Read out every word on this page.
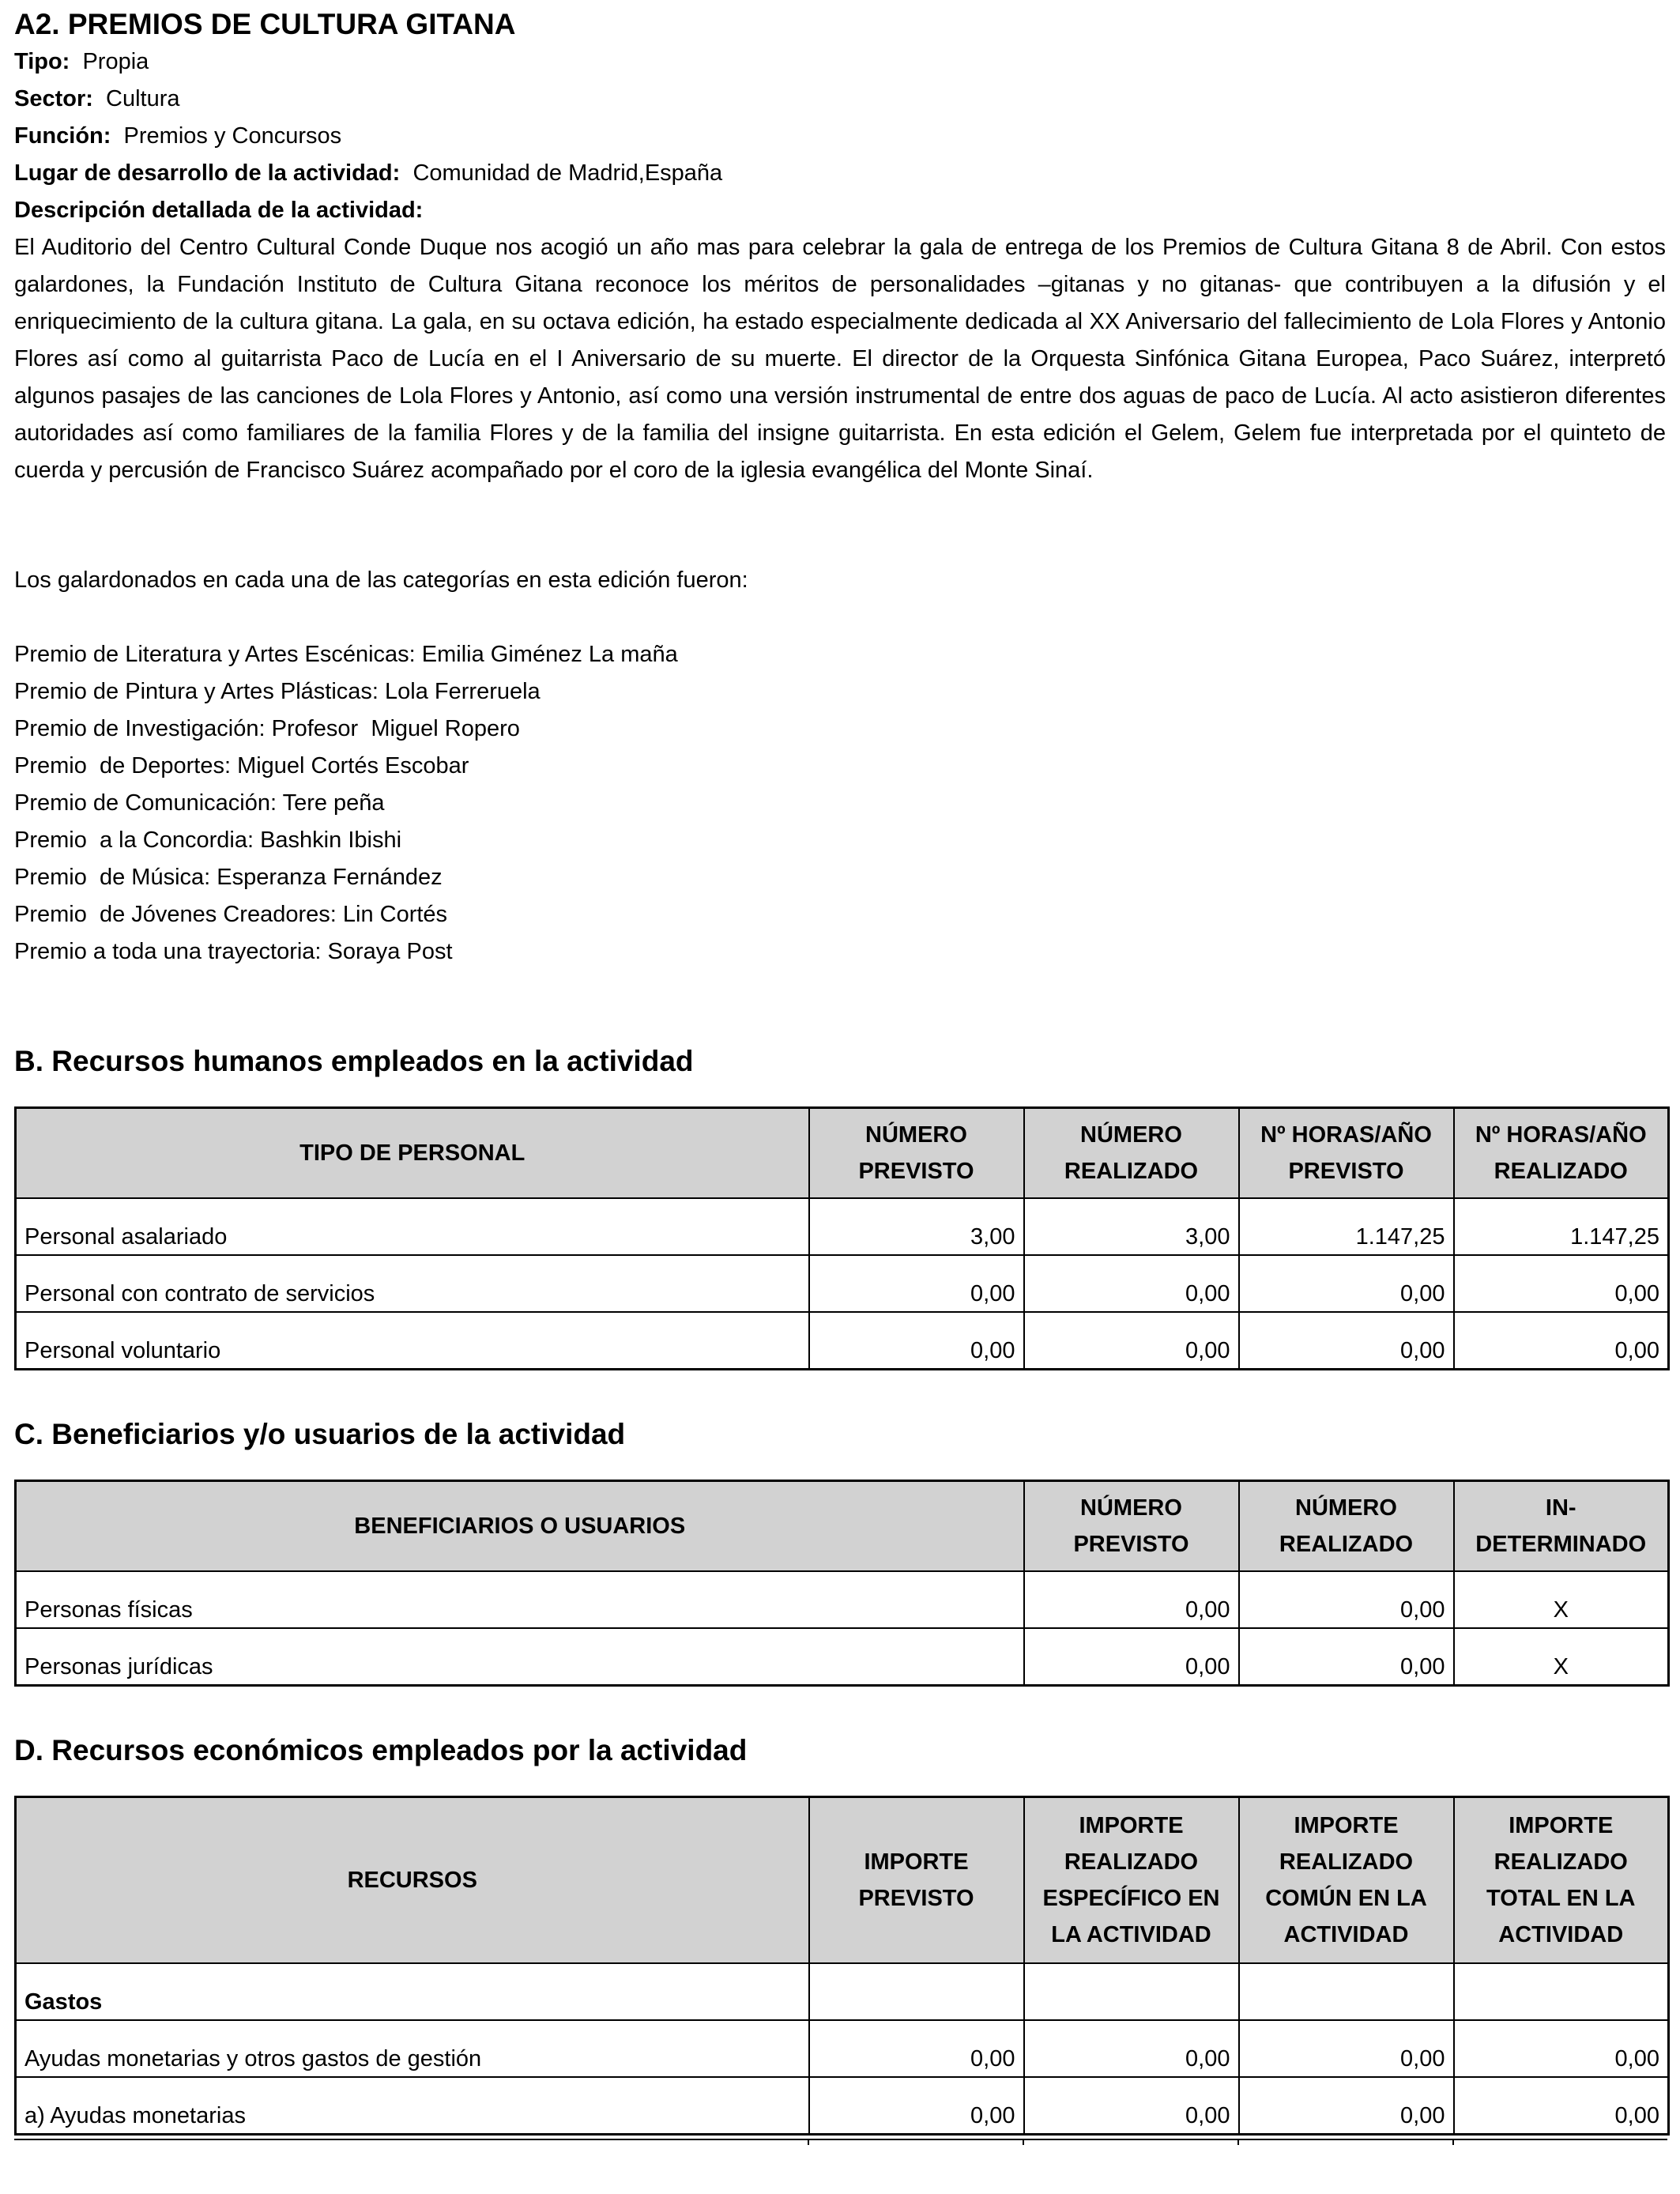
A2. PREMIOS DE CULTURA GITANA
Tipo: Propia
Sector: Cultura
Función: Premios y Concursos
Lugar de desarrollo de la actividad: Comunidad de Madrid,España
Descripción detallada de la actividad:

El Auditorio del Centro Cultural Conde Duque nos acogió un año mas para celebrar la gala de entrega de los Premios de Cultura Gitana 8 de Abril. Con estos galardones, la Fundación Instituto de Cultura Gitana reconoce los méritos de personalidades –gitanas y no gitanas- que contribuyen a la difusión y el enriquecimiento de la cultura gitana. La gala, en su octava edición, ha estado especialmente dedicada al XX Aniversario del fallecimiento de Lola Flores y Antonio Flores así como al guitarrista Paco de Lucía en el I Aniversario de su muerte. El director de la Orquesta Sinfónica Gitana Europea, Paco Suárez, interpretó algunos pasajes de las canciones de Lola Flores y Antonio, así como una versión instrumental de entre dos aguas de paco de Lucía. Al acto asistieron diferentes autoridades así como familiares de la familia Flores y de la familia del insigne guitarrista. En esta edición el Gelem, Gelem fue interpretada por el quinteto de cuerda y percusión de Francisco Suárez acompañado por el coro de la iglesia evangélica del Monte Sinaí.

Los galardonados en cada una de las categorías en esta edición fueron:
Premio de Literatura y Artes Escénicas: Emilia Giménez La maña
Premio de Pintura y Artes Plásticas: Lola Ferreruela
Premio de Investigación: Profesor  Miguel Ropero
Premio  de Deportes: Miguel Cortés Escobar
Premio de Comunicación: Tere peña
Premio  a la Concordia: Bashkin Ibishi
Premio  de Música: Esperanza Fernández
Premio  de Jóvenes Creadores: Lin Cortés
Premio a toda una trayectoria: Soraya Post
B. Recursos humanos empleados en la actividad
TIPO DE PERSONAL	NÚMERO PREVISTO	NÚMERO REALIZADO	Nº HORAS/AÑO PREVISTO	Nº HORAS/AÑO REALIZADO
Personal asalariado	3,00	3,00	1.147,25	1.147,25
Personal con contrato de servicios	0,00	0,00	0,00	0,00
Personal voluntario	0,00	0,00	0,00	0,00
C. Beneficiarios y/o usuarios de la actividad
BENEFICIARIOS O USUARIOS	NÚMERO PREVISTO	NÚMERO REALIZADO	IN-DETERMINADO
Personas físicas	0,00	0,00	X
Personas jurídicas	0,00	0,00	X
D. Recursos económicos empleados por la actividad
RECURSOS	IMPORTE PREVISTO	IMPORTE REALIZADO ESPECÍFICO EN LA ACTIVIDAD	IMPORTE REALIZADO COMÚN EN LA ACTIVIDAD	IMPORTE REALIZADO TOTAL EN LA ACTIVIDAD
Gastos				
Ayudas monetarias y otros gastos de gestión	0,00	0,00	0,00	0,00
a) Ayudas monetarias	0,00	0,00	0,00	0,00
